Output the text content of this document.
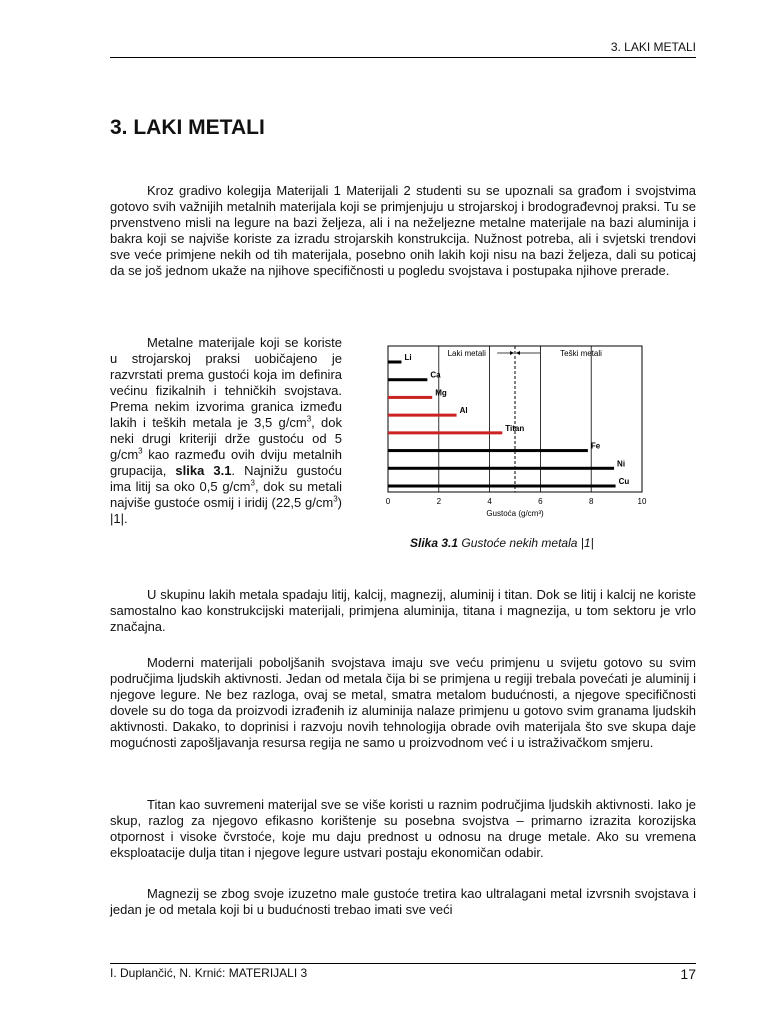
3. LAKI METALI
3. LAKI METALI

Kroz gradivo kolegija Materijali 1 Materijali 2 studenti su se upoznali sa građom i svojstvima gotovo svih važnijih metalnih materijala koji se primjenjuju u strojarskoj i brodograđevnoj praksi. Tu se prvenstveno misli na legure na bazi željeza, ali i na neželjezne metalne materijale na bazi aluminija i bakra koji se najviše koriste za izradu strojarskih konstrukcija. Nužnost potreba, ali i svjetski trendovi sve veće primjene nekih od tih materijala, posebno onih lakih koji nisu na bazi željeza, dali su poticaj da se još jednom ukaže na njihove specifičnosti u pogledu svojstava i postupaka njihove prerade.

Metalne materijale koji se koriste u strojarskoj praksi uobičajeno je razvrstati prema gustoći koja im definira većinu fizikalnih i tehničkih svojstava. Prema nekim izvorima granica između lakih i teških metala je 3,5 $g/cm^3$, dok neki drugi kriteriji drže gustoću od 5 $g/cm^3$ kao razmeđu ovih dviju metalnih grupacija, slika 3.1. Najnižu gustoću ima litij sa oko 0,5 $g/cm^3$, dok su metali najviše gustoće osmij i iridij (22,5 $g/cm^3$) |1|.

0	2	4	6	8	10
Gustoća (g/cm³)
Laki metali	Teški metali
Li
Ca
Mg
Al
Titan
Fe
Ni
Cu
Slika 3.1 Gustoće nekih metala |1|

U skupinu lakih metala spadaju litij, kalcij, magnezij, aluminij i titan. Dok se litij i kalcij ne koriste samostalno kao konstrukcijski materijali, primjena aluminija, titana i magnezija, u tom sektoru je vrlo značajna.

Moderni materijali poboljšanih svojstava imaju sve veću primjenu u svijetu gotovo su svim područjima ljudskih aktivnosti. Jedan od metala čija bi se primjena u regiji trebala povećati je aluminij i njegove legure. Ne bez razloga, ovaj se metal, smatra metalom budućnosti, a njegove specifičnosti dovele su do toga da proizvodi izrađenih iz aluminija nalaze primjenu u gotovo svim granama ljudskih aktivnosti. Dakako, to doprinisi i razvoju novih tehnologija obrade ovih materijala što sve skupa daje mogućnosti zapošljavanja resursa regija ne samo u proizvodnom već i u istraživačkom smjeru.

Titan kao suvremeni materijal sve se više koristi u raznim područjima ljudskih aktivnosti. Iako je skup, razlog za njegovo efikasno korištenje su posebna svojstva – primarno izrazita korozijska otpornost i visoke čvrstoće, koje mu daju prednost u odnosu na druge metale. Ako su vremena eksploatacije dulja titan i njegove legure ustvari postaju ekonomičan odabir.

Magnezij se zbog svoje izuzetno male gustoće tretira kao ultralagani metal izvrsnih svojstava i jedan je od metala koji bi u budućnosti trebao imati sve veći

I. Duplančić, N. Krnić: MATERIJALI 3	17
